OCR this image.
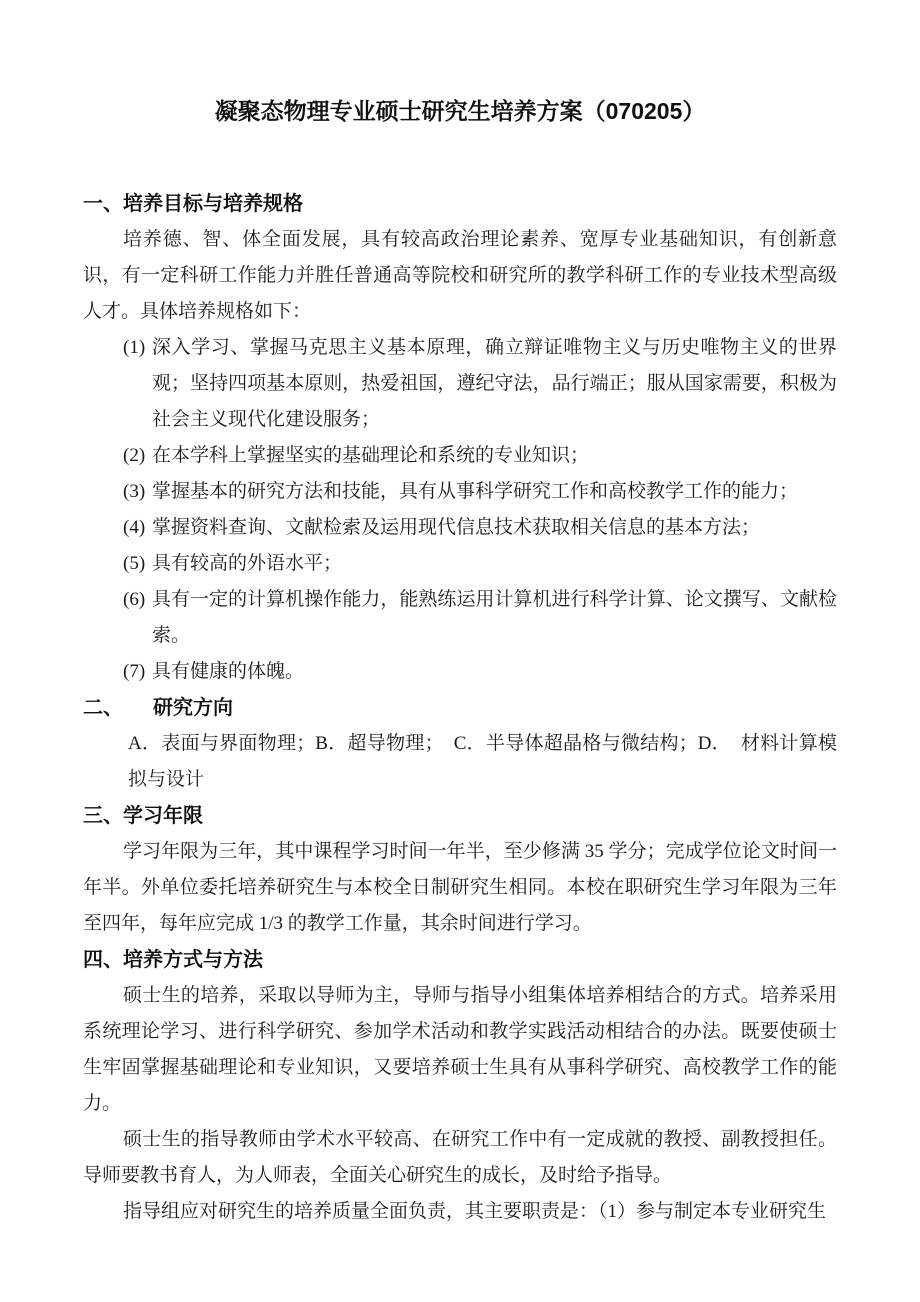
凝聚态物理专业硕士研究生培养方案（070205）
一、培养目标与培养规格

培养德、智、体全面发展，具有较高政治理论素养、宽厚专业基础知识，有创新意识，有一定科研工作能力并胜任普通高等院校和研究所的教学科研工作的专业技术型高级人才。具体培养规格如下：

(1) 深入学习、掌握马克思主义基本原理，确立辩证唯物主义与历史唯物主义的世界观；坚持四项基本原则，热爱祖国，遵纪守法，品行端正；服从国家需要，积极为社会主义现代化建设服务；
(2) 在本学科上掌握坚实的基础理论和系统的专业知识；
(3) 掌握基本的研究方法和技能，具有从事科学研究工作和高校教学工作的能力；
(4) 掌握资料查询、文献检索及运用现代信息技术获取相关信息的基本方法；
(5) 具有较高的外语水平；
(6) 具有一定的计算机操作能力，能熟练运用计算机进行科学计算、论文撰写、文献检索。
(7) 具有健康的体魄。
二、 研究方向

A．表面与界面物理；B．超导物理；　C．半导体超晶格与微结构；D．　材料计算模拟与设计

三、学习年限

学习年限为三年，其中课程学习时间一年半，至少修满 35 学分；完成学位论文时间一年半。外单位委托培养研究生与本校全日制研究生相同。本校在职研究生学习年限为三年至四年，每年应完成 1/3 的教学工作量，其余时间进行学习。

四、培养方式与方法

硕士生的培养，采取以导师为主，导师与指导小组集体培养相结合的方式。培养采用系统理论学习、进行科学研究、参加学术活动和教学实践活动相结合的办法。既要使硕士生牢固掌握基础理论和专业知识，又要培养硕士生具有从事科学研究、高校教学工作的能力。

硕士生的指导教师由学术水平较高、在研究工作中有一定成就的教授、副教授担任。导师要教书育人，为人师表，全面关心研究生的成长，及时给予指导。

指导组应对研究生的培养质量全面负责，其主要职责是：（1）参与制定本专业研究生
